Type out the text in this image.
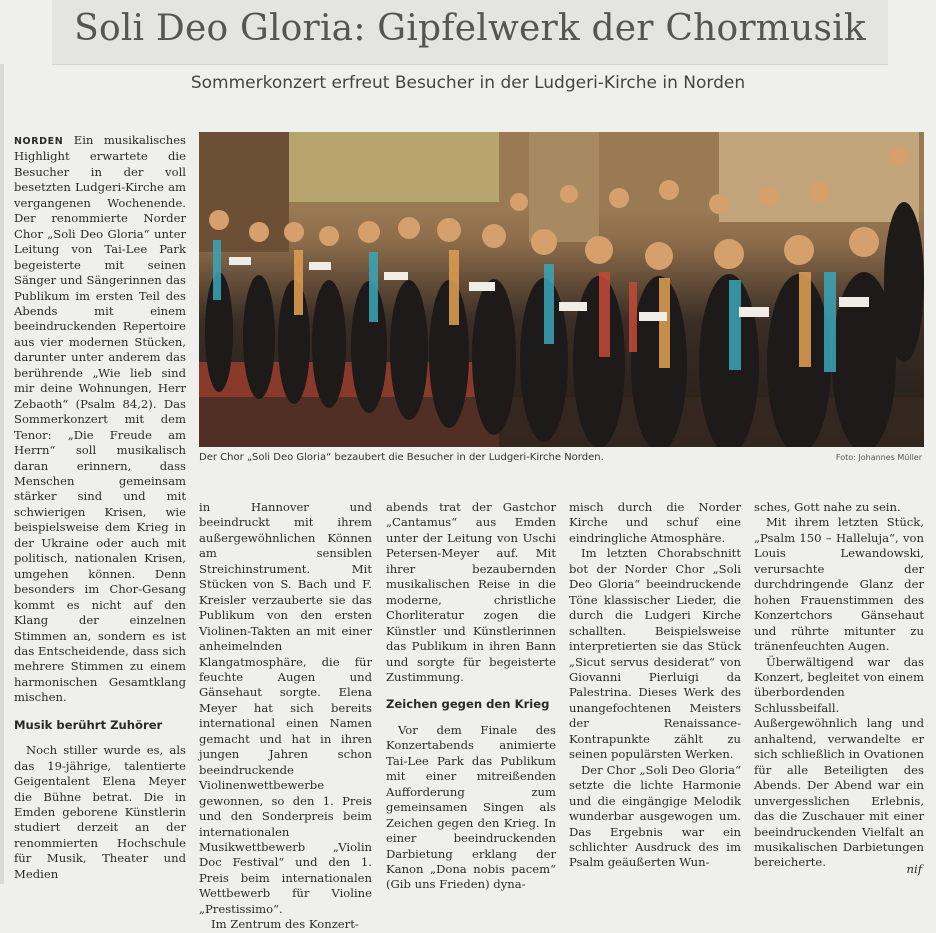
Soli Deo Gloria: Gipfelwerk der Chormusik
Sommerkonzert erfreut Besucher in der Ludgeri-Kirche in Norden

NORDEN Ein musikalisches Highlight erwartete die Besucher in der voll besetzten Ludgeri-Kirche am vergangenen Wochenende. Der renommierte Norder Chor „Soli Deo Gloria“ unter Leitung von Tai-Lee Park begeisterte mit seinen Sänger und Sängerinnen das Publikum im ersten Teil des Abends mit einem beeindruckenden Repertoire aus vier modernen Stücken, darunter unter anderem das berührende „Wie lieb sind mir deine Wohnungen, Herr Zebaoth“ (Psalm 84,2). Das Sommerkonzert mit dem Tenor: „Die Freude am Herrn“ soll musikalisch daran erinnern, dass Menschen gemeinsam stärker sind und mit schwierigen Krisen, wie beispielsweise dem Krieg in der Ukraine oder auch mit politisch, nationalen Krisen, umgehen können. Denn besonders im Chor-Gesang kommt es nicht auf den Klang der einzelnen Stimmen an, sondern es ist das Entscheidende, dass sich mehrere Stimmen zu einem harmonischen Gesamtklang mischen.

Musik berührt Zuhörer

Noch stiller wurde es, als das 19-jährige, talentierte Geigentalent Elena Meyer die Bühne betrat. Die in Emden geborene Künstlerin studiert derzeit an der renommierten Hochschule für Musik, Theater und Medien

Der Chor „Soli Deo Gloria“ bezaubert die Besucher in der Ludgeri-Kirche Norden.	Foto: Johannes Müller

in Hannover und beeindruckt mit ihrem außergewöhnlichen Können am sensiblen Streichinstrument. Mit Stücken von S. Bach und F. Kreisler verzauberte sie das Publikum von den ersten Violinen-Takten an mit einer anheimelnden Klangatmosphäre, die für feuchte Augen und Gänsehaut sorgte. Elena Meyer hat sich bereits international einen Namen gemacht und hat in ihren jungen Jahren schon beeindruckende Violinenwettbewerbe gewonnen, so den 1. Preis und den Sonderpreis beim internationalen Musikwettbewerb „Violin Doc Festival“ und den 1. Preis beim internationalen Wettbewerb für Violine „Prestissimo“.

Im Zentrum des Konzert-

abends trat der Gastchor „Cantamus“ aus Emden unter der Leitung von Uschi Petersen-Meyer auf. Mit ihrer bezaubernden musikalischen Reise in die moderne, christliche Chorliteratur zogen die Künstler und Künstlerinnen das Publikum in ihren Bann und sorgte für begeisterte Zustimmung.

Zeichen gegen den Krieg

Vor dem Finale des Konzertabends animierte Tai-Lee Park das Publikum mit einer mitreißenden Aufforderung zum gemeinsamen Singen als Zeichen gegen den Krieg. In einer beeindruckenden Darbietung erklang der Kanon „Dona nobis pacem“ (Gib uns Frieden) dyna-

misch durch die Norder Kirche und schuf eine eindringliche Atmosphäre.

Im letzten Chorabschnitt bot der Norder Chor „Soli Deo Gloria“ beeindruckende Töne klassischer Lieder, die durch die Ludgeri Kirche schallten. Beispielsweise interpretierten sie das Stück „Sicut servus desiderat“ von Giovanni Pierluigi da Palestrina. Dieses Werk des unangefochtenen Meisters der Renaissance-Kontrapunkte zählt zu seinen populärsten Werken.

Der Chor „Soli Deo Gloria“ setzte die lichte Harmonie und die eingängige Melodik wunderbar ausgewogen um. Das Ergebnis war ein schlichter Ausdruck des im Psalm geäußerten Wun-

sches, Gott nahe zu sein.

Mit ihrem letzten Stück, „Psalm 150 – Halleluja“, von Louis Lewandowski, verursachte der durchdringende Glanz der hohen Frauenstimmen des Konzertchors Gänsehaut und rührte mitunter zu tränenfeuchten Augen.

Überwältigend war das Konzert, begleitet von einem überbordenden Schlussbeifall. Außergewöhnlich lang und anhaltend, verwandelte er sich schließlich in Ovationen für alle Beteiligten des Abends. Der Abend war ein unvergesslichen Erlebnis, das die Zuschauer mit einer beeindruckenden Vielfalt an musikalischen Darbietungen bereicherte.	nif
